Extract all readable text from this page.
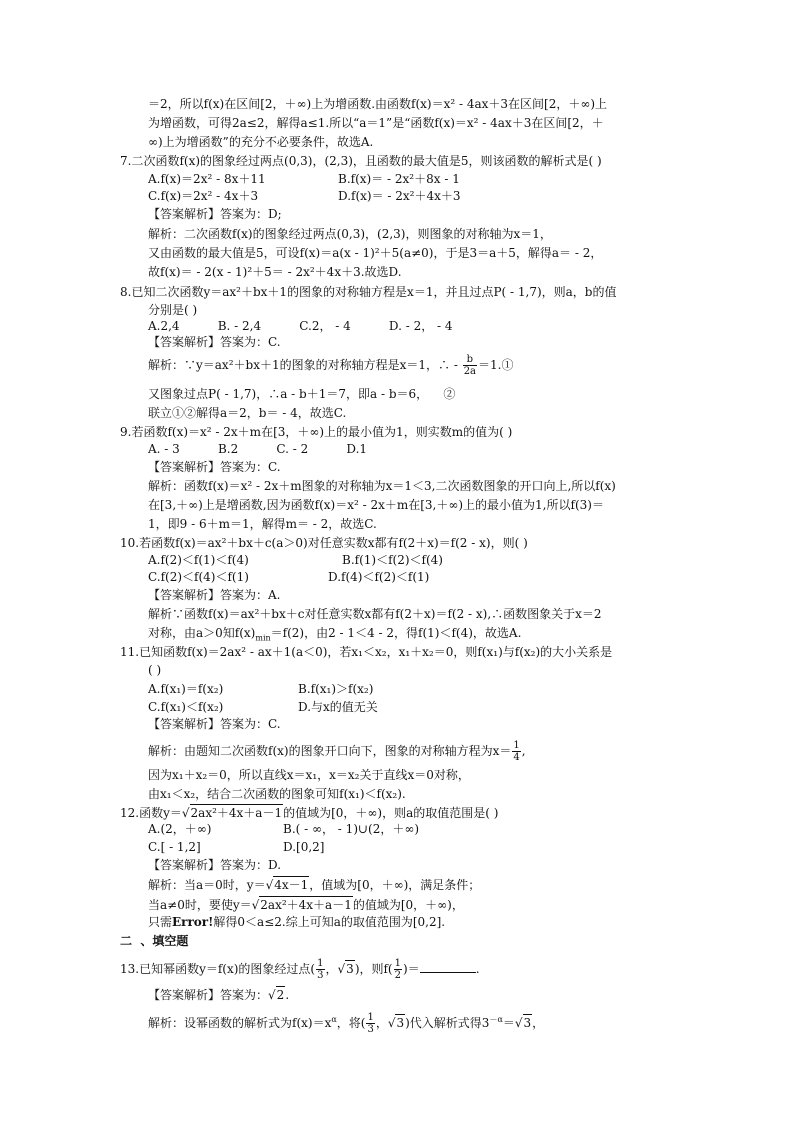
＝2，所以f(x)在区间[2，＋∞)上为增函数.由函数f(x)＝x² - 4ax＋3在区间[2，＋∞)上
为增函数，可得2a≤2，解得a≤1.所以“a＝1”是“函数f(x)＝x² - 4ax＋3在区间[2，＋
∞)上为增函数”的充分不必要条件，故选A.
7.二次函数f(x)的图象经过两点(0,3)，(2,3)，且函数的最大值是5，则该函数的解析式是( )
A.f(x)＝2x² - 8x＋11	B.f(x)＝ - 2x²＋8x - 1
C.f(x)＝2x² - 4x＋3	D.f(x)＝ - 2x²＋4x＋3
【答案解析】答案为：D;
解析：二次函数f(x)的图象经过两点(0,3)，(2,3)，则图象的对称轴为x＝1，
又由函数的最大值是5，可设f(x)＝a(x - 1)²＋5(a≠0)，于是3＝a＋5，解得a＝ - 2，
故f(x)＝ - 2(x - 1)²＋5＝ - 2x²＋4x＋3.故选D.
8.已知二次函数y＝ax²＋bx＋1的图象的对称轴方程是x＝1，并且过点P( - 1,7)，则a，b的值
分别是( )
A.2,4          B. - 2,4          C.2， - 4          D. - 2， - 4
【答案解析】答案为：C.
解析：∵y＝ax²＋bx＋1的图象的对称轴方程是x＝1，∴ - $\frac{b}{2a}$ ＝1.①
又图象过点P( - 1,7)，∴a - b＋1＝7，即a - b＝6，    ②
联立①②解得a＝2，b＝ - 4，故选C.
9.若函数f(x)＝x² - 2x＋m在[3，＋∞)上的最小值为1，则实数m的值为( )
A. - 3          B.2          C. - 2          D.1
【答案解析】答案为：C.
解析：函数f(x)＝x² - 2x＋m图象的对称轴为x＝1＜3,二次函数图象的开口向上,所以f(x)
在[3,＋∞)上是增函数,因为函数f(x)＝x² - 2x＋m在[3,＋∞)上的最小值为1,所以f(3)＝
1，即9 - 6＋m＝1，解得m＝ - 2，故选C.
10.若函数f(x)＝ax²＋bx＋c(a＞0)对任意实数x都有f(2＋x)＝f(2 - x)，则( )
A.f(2)＜f(1)＜f(4)	B.f(1)＜f(2)＜f(4)
C.f(2)＜f(4)＜f(1)	D.f(4)＜f(2)＜f(1)
【答案解析】答案为：A.
解析∵函数f(x)＝ax²＋bx＋c对任意实数x都有f(2＋x)＝f(2 - x),∴函数图象关于x＝2
对称，由a＞0知$f(x)_{min}=f(2)$，由2 - 1＜4 - 2，得f(1)＜f(4)，故选A.
11.已知函数f(x)＝2ax² - ax＋1(a＜0)，若x₁＜x₂，x₁＋x₂＝0，则f(x₁)与f(x₂)的大小关系是
( )
A.f(x₁)＝f(x₂)	B.f(x₁)＞f(x₂)
C.f(x₁)＜f(x₂)	D.与x的值无关
【答案解析】答案为：C.
解析：由题知二次函数f(x)的图象开口向下，图象的对称轴方程为$x= \frac{1}{4}$ ,
因为x₁＋x₂＝0，所以直线x＝x₁，x＝x₂关于直线x＝0对称，
由x₁＜x₂，结合二次函数的图象可知f(x₁)＜f(x₂).
12.函数y＝√2ax²＋4x＋a－1的值域为[0，＋∞)，则a的取值范围是( )
A.(2，＋∞)	B.( - ∞， - 1)∪(2，＋∞)
C.[ - 1,2]	D.[0,2]
【答案解析】答案为：D.
解析：当a＝0时，y＝√4x－1，值域为[0，＋∞)，满足条件；
当a≠0时，要使y＝√2ax²＋4x＋a－1的值域为[0，＋∞)，
只需Error!解得0＜a≤2.综上可知a的取值范围为[0,2].
二  、填空题
13.已知幂函数y＝f(x)的图象经过点( $\frac{1}{3}$ ，√3)，则$f( \frac{1}{2}$ )＝	.
【答案解析】答案为：√2.
解析：设幂函数的解析式为$f(x)=x^\alpha$，将( $\frac{1}{3}$ ，√3)代入解析式得$3^{-\alpha}=√3$，
